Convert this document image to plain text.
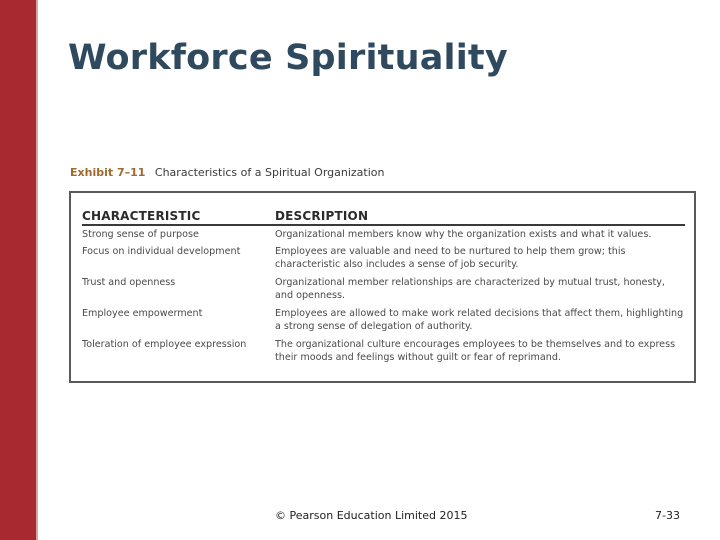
Workforce Spirituality
Exhibit 7–11 Characteristics of a Spiritual Organization
CHARACTERISTIC	DESCRIPTION
Strong sense of purpose	Organizational members know why the organization exists and what it values.
Focus on individual development	Employees are valuable and need to be nurtured to help them grow; this characteristic also includes a sense of job security.
Trust and openness	Organizational member relationships are characterized by mutual trust, honesty, and openness.
Employee empowerment	Employees are allowed to make work related decisions that affect them, highlighting a strong sense of delegation of authority.
Toleration of employee expression	The organizational culture encourages employees to be themselves and to express their moods and feelings without guilt or fear of reprimand.
© Pearson Education Limited 2015	7-33
